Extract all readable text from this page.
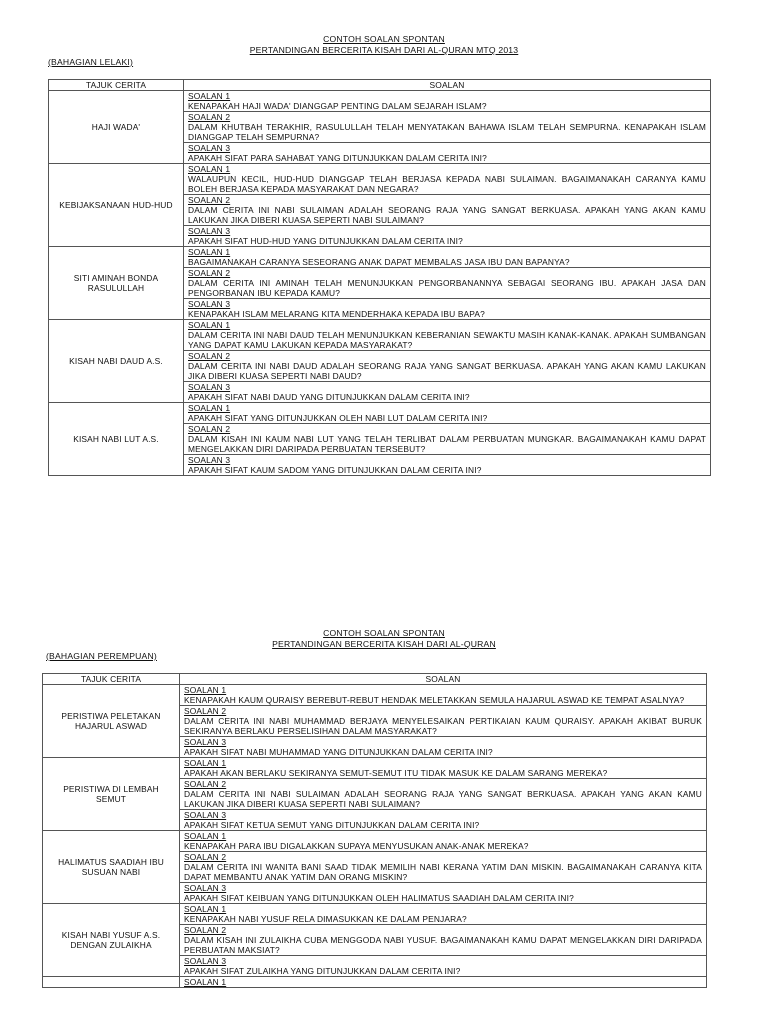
CONTOH SOALAN SPONTAN
PERTANDINGAN BERCERITA KISAH DARI AL-QURAN MTQ 2013
(BAHAGIAN LELAKI)
TAJUK CERITA	SOALAN
HAJI WADA'	SOALAN 1
KENAPAKAH HAJI WADA' DIANGGAP PENTING DALAM SEJARAH ISLAM?

	SOALAN 2
DALAM KHUTBAH TERAKHIR, RASULULLAH TELAH MENYATAKAN BAHAWA ISLAM TELAH SEMPURNA. KENAPAKAH ISLAM DIANGGAP TELAH SEMPURNA?

	SOALAN 3
APAKAH SIFAT PARA SAHABAT YANG DITUNJUKKAN DALAM CERITA INI?

KEBIJAKSANAAN HUD-HUD	SOALAN 1
WALAUPUN KECIL, HUD-HUD DIANGGAP TELAH BERJASA KEPADA NABI SULAIMAN. BAGAIMANAKAH CARANYA KAMU BOLEH BERJASA KEPADA MASYARAKAT DAN NEGARA?

	SOALAN 2
DALAM CERITA INI NABI SULAIMAN ADALAH SEORANG RAJA YANG SANGAT BERKUASA. APAKAH YANG AKAN KAMU LAKUKAN JIKA DIBERI KUASA SEPERTI NABI SULAIMAN?

	SOALAN 3
APAKAH SIFAT HUD-HUD YANG DITUNJUKKAN DALAM CERITA INI?

SITI AMINAH BONDA RASULULLAH	SOALAN 1
BAGAIMANAKAH CARANYA SESEORANG ANAK DAPAT MEMBALAS JASA IBU DAN BAPANYA?

	SOALAN 2
DALAM CERITA INI AMINAH TELAH MENUNJUKKAN PENGORBANANNYA SEBAGAI SEORANG IBU. APAKAH JASA DAN PENGORBANAN IBU KEPADA KAMU?

	SOALAN 3
KENAPAKAH ISLAM MELARANG KITA MENDERHAKA KEPADA IBU BAPA?

KISAH NABI DAUD A.S.	SOALAN 1
DALAM CERITA INI NABI DAUD TELAH MENUNJUKKAN KEBERANIAN SEWAKTU MASIH KANAK-KANAK. APAKAH SUMBANGAN YANG DAPAT KAMU LAKUKAN KEPADA MASYARAKAT?

	SOALAN 2
DALAM CERITA INI NABI DAUD ADALAH SEORANG RAJA YANG SANGAT BERKUASA. APAKAH YANG AKAN KAMU LAKUKAN JIKA DIBERI KUASA SEPERTI NABI DAUD?

	SOALAN 3
APAKAH SIFAT NABI DAUD YANG DITUNJUKKAN DALAM CERITA INI?

KISAH NABI LUT A.S.	SOALAN 1
APAKAH SIFAT YANG DITUNJUKKAN OLEH NABI LUT DALAM CERITA INI?

	SOALAN 2
DALAM KISAH INI KAUM NABI LUT YANG TELAH TERLIBAT DALAM PERBUATAN MUNGKAR. BAGAIMANAKAH KAMU DAPAT MENGELAKKAN DIRI DARIPADA PERBUATAN TERSEBUT?

	SOALAN 3
APAKAH SIFAT KAUM SADOM YANG DITUNJUKKAN DALAM CERITA INI?
CONTOH SOALAN SPONTAN
PERTANDINGAN BERCERITA KISAH DARI AL-QURAN
(BAHAGIAN PEREMPUAN)
TAJUK CERITA	SOALAN
PERISTIWA PELETAKAN HAJARUL ASWAD	SOALAN 1
KENAPAKAH KAUM QURAISY BEREBUT-REBUT HENDAK MELETAKKAN SEMULA HAJARUL ASWAD KE TEMPAT ASALNYA?

	SOALAN 2
DALAM CERITA INI NABI MUHAMMAD BERJAYA MENYELESAIKAN PERTIKAIAN KAUM QURAISY. APAKAH AKIBAT BURUK SEKIRANYA BERLAKU PERSELISIHAN DALAM MASYARAKAT?

	SOALAN 3
APAKAH SIFAT NABI MUHAMMAD YANG DITUNJUKKAN DALAM CERITA INI?

PERISTIWA DI LEMBAH SEMUT	SOALAN 1
APAKAH AKAN BERLAKU SEKIRANYA SEMUT-SEMUT ITU TIDAK MASUK KE DALAM SARANG MEREKA?

	SOALAN 2
DALAM CERITA INI NABI SULAIMAN ADALAH SEORANG RAJA YANG SANGAT BERKUASA. APAKAH YANG AKAN KAMU LAKUKAN JIKA DIBERI KUASA SEPERTI NABI SULAIMAN?

	SOALAN 3
APAKAH SIFAT KETUA SEMUT YANG DITUNJUKKAN DALAM CERITA INI?

HALIMATUS SAADIAH IBU SUSUAN NABI	SOALAN 1
KENAPAKAH PARA IBU DIGALAKKAN SUPAYA MENYUSUKAN ANAK-ANAK MEREKA?

	SOALAN 2
DALAM CERITA INI WANITA BANI SAAD TIDAK MEMILIH NABI KERANA YATIM DAN MISKIN. BAGAIMANAKAH CARANYA KITA DAPAT MEMBANTU ANAK YATIM DAN ORANG MISKIN?

	SOALAN 3
APAKAH SIFAT KEIBUAN YANG DITUNJUKKAN OLEH HALIMATUS SAADIAH DALAM CERITA INI?

KISAH NABI YUSUF A.S. DENGAN ZULAIKHA	SOALAN 1
KENAPAKAH NABI YUSUF RELA DIMASUKKAN KE DALAM PENJARA?

	SOALAN 2
DALAM KISAH INI ZULAIKHA CUBA MENGGODA NABI YUSUF. BAGAIMANAKAH KAMU DAPAT MENGELAKKAN DIRI DARIPADA PERBUATAN MAKSIAT?

	SOALAN 3
APAKAH SIFAT ZULAIKHA YANG DITUNJUKKAN DALAM CERITA INI?

	SOALAN 1
